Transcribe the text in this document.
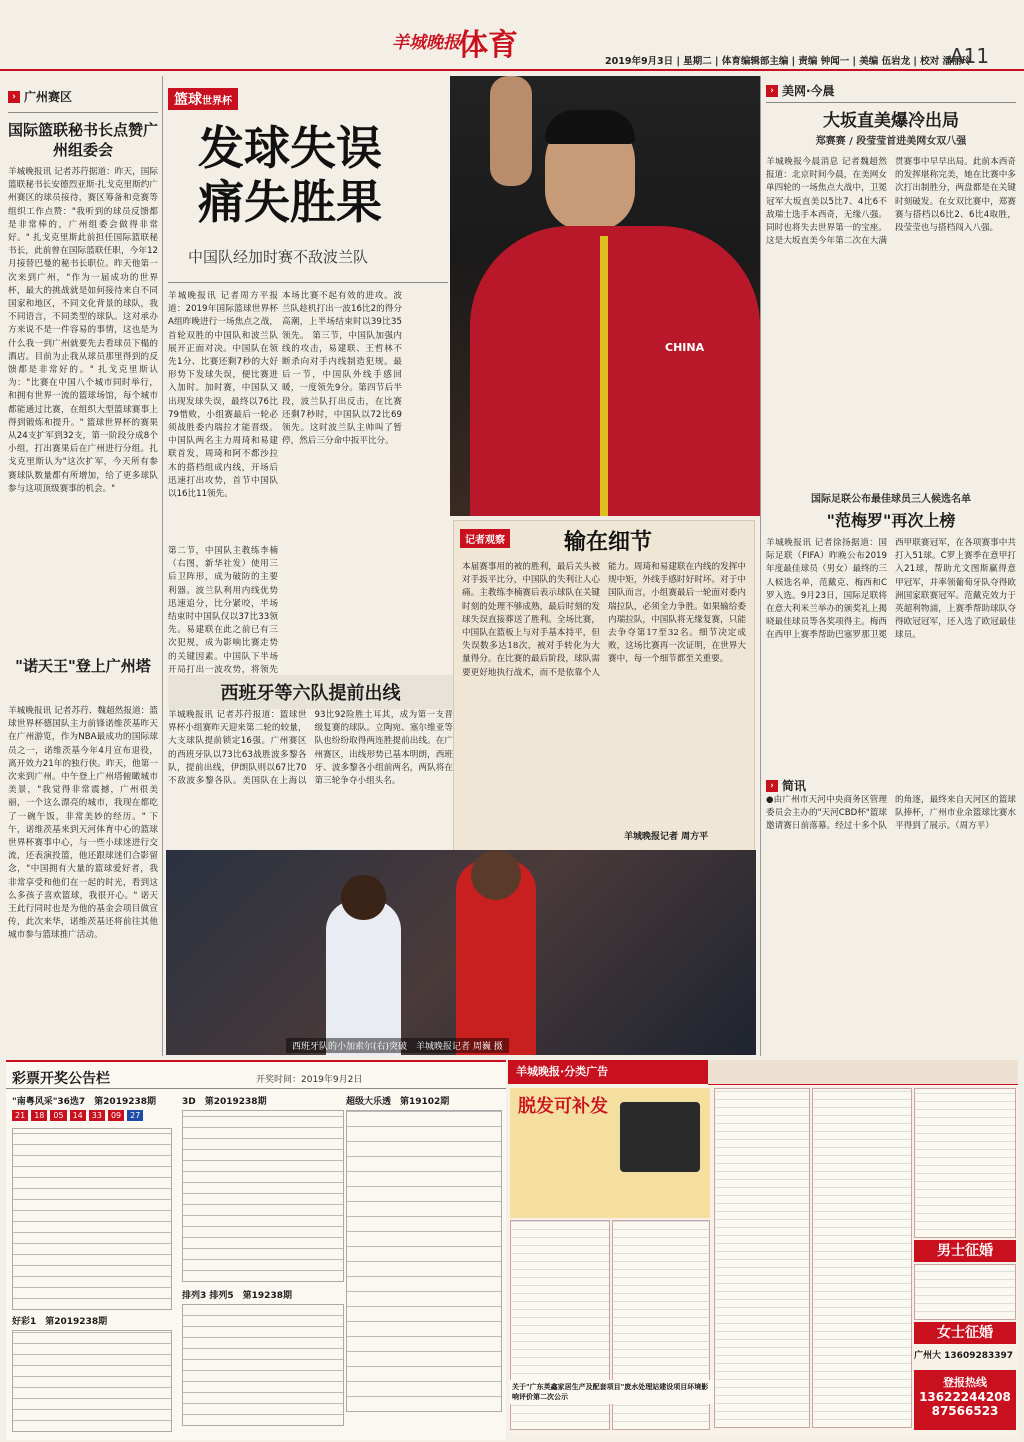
羊城晚报
体育	2019年9月3日 | 星期二 | 体育编辑部主编 | 责编 钟闻一 | 美编 伍岩龙 | 校对 潘丽玲
A11
› 广州赛区
国际篮联秘书长点赞广州组委会
羊城晚报讯 记者苏荇据道：昨天，国际篮联秘书长安德烈亚斯·扎戈克里斯约广州赛区的球员接待，赛区筹备和竞赛等组织工作点赞："我听到的球员反馈都是非常棒的，广州组委会做得非常好。" 扎戈克里斯此前担任国际篮联秘书长，此前曾在国际篮联任职，今年12月接替巴曼的秘书长职位。昨天他第一次来到广州，"作为一届成功的世界杯，最大的挑战就是如何接待来自不同国家和地区，不同文化背景的球队，我不同语言，不同类型的球队。这对承办方来说不是一件容易的事情，这也是为什么我一到广州就要先去看球员下榻的酒店。目前为止我从球员那里得到的反馈都是非常好的。" 扎戈克里斯认为："比赛在中国八个城市同时举行，和拥有世界一流的篮球场馆，每个城市都能通过比赛，在组织大型篮球赛事上得到锻炼和提升。" 篮球世界杯的赛果从24支扩军到32支，第一阶段分成8个小组，打出赛果后在广州进行分组。扎戈克里斯认为"这次扩军，今天所有参赛球队数量都有所增加，给了更多球队参与这项顶级赛事的机会。"
"诺天王"登上广州塔
羊城晚报讯 记者苏荇、魏超然报道：篮球世界杯德国队主力前锋诺维茨基昨天在广州游览，作为NBA最成功的国际球员之一，诺维茨基今年4月宣布退役，离开效力21年的独行侠。昨天，他第一次来到广州。中午登上广州塔俯瞰城市美景，"我觉得非常震撼，广州很美丽，一个这么漂亮的城市，我现在都吃了一碗午饭，非常美妙的经历。" 下午，诺维茨基来到天河体育中心的篮球世界杯赛事中心，与一些小球迷进行交流，还表演投篮，他还跟球迷们合影留念，"中国拥有大量的篮球爱好者，我非常享受和他们在一起的时光，看到这么多孩子喜欢篮球，我很开心。" 诺天王此行同时也是为他的基金会项目做宣传，此次来华，诺维茨基还将前往其他城市参与篮球推广活动。
CHINA
篮球世界杯
发球失误
痛失胜果
中国队经加时赛不敌波兰队
羊城晚报讯 记者周方平报道：2019年国际篮球世界杯A组昨晚进行一场焦点之战，首轮双胜的中国队和波兰队展开正面对决。中国队在领先1分、比赛还剩7秒的大好形势下发球失误，便比赛进入加时。加时赛，中国队又出现发球失误，最终以76比79惜败，小组赛最后一轮必须战胜委内瑞拉才能晋级。 中国队两名主力周琦和易建联首发，周琦和阿不都沙拉木的搭档组成内线，开场后迅速打出攻势，首节中国队以16比11领先。
第二节，中国队主教练李楠（右图，新华社发）使用三后卫阵形，成为破防的主要利器。波兰队利用内线优势迅速追分，比分紧咬，半场结束时中国队仅以37比33领先。易建联在此之前已有三次犯规，成为影响比赛走势的关键因素。中国队下半场开局打出一波攻势，将领先
本场比赛不起有效的进攻。波兰队趁机打出一波16比2的得分高潮，上半场结束时以39比35领先。 第三节，中国队加强内线的攻击，易建联、王哲林不断杀向对手内线制造犯规。最后一节，中国队外线手感回暖，一度领先9分。第四节后半段，波兰队打出反击，在比赛还剩7秒时，中国队以72比69领先。这时波兰队主帅叫了暂停，然后三分命中扳平比分。
西班牙等六队提前出线
羊城晚报讯 记者苏荇报道：篮球世界杯小组赛昨天迎来第二轮的较量，大支球队提前锁定16强。广州赛区的西班牙队以73比63战胜波多黎各队，提前出线，伊朗队则以67比70不敌波多黎各队。美国队在上海以93比92险胜土耳其，成为第一支晋级复赛的球队。立陶宛、塞尔维亚等队也纷纷取得两连胜提前出线。在广州赛区，出线形势已基本明朗，西班牙、波多黎各小组前两名，两队将在第三轮争夺小组头名。
记者观察	输在细节
本届赛事用的被的胜利，最后关头被对手扳平比分，中国队的失利让人心痛。主教练李楠赛后表示球队在关键时刻的处理不够成熟，最后时刻的发球失误直接葬送了胜利。全场比赛，中国队在篮板上与对手基本持平，但失误数多达18次，被对手转化为大量得分。在比赛的最后阶段，球队需要更好地执行战术，而不是依靠个人能力。周琦和易建联在内线的发挥中规中矩，外线手感时好时坏。对于中国队而言，小组赛最后一轮面对委内瑞拉队，必须全力争胜。如果输给委内瑞拉队，中国队将无缘复赛，只能去争夺第17至32名。细节决定成败，这场比赛再一次证明，在世界大赛中，每一个细节都至关重要。
羊城晚报记者 周方平
西班牙队的小加索尔(右)突破　羊城晚报记者 周巍 摄
› 美网·今晨
大坂直美爆冷出局
郑赛赛 / 段莹莹首进美网女双八强
羊城晚报今晨消息 记者魏超然报道：北京时间今晨，在美网女单四轮的一场焦点大战中，卫冕冠军大坂直美以5比7、4比6不敌瑞士选手本西奇，无缘八强。同时也将失去世界第一的宝座。这是大坂直美今年第二次在大满贯赛事中早早出局。此前本西奇的发挥堪称完美，她在比赛中多次打出制胜分，两盘都是在关键时刻破发。在女双比赛中，郑赛赛与搭档以6比2、6比4取胜，段莹莹也与搭档闯入八强。
国际足联公布最佳球员三人候选名单
"范梅罗"再次上榜
羊城晚报讯 记者徐扬据道：国际足联（FIFA）昨晚公布2019年度最佳球员（男女）最终的三人候选名单，范戴克、梅西和C罗入选。9月23日，国际足联将在意大利米兰举办的颁奖礼上揭晓最佳球员等各奖项得主。梅西在西甲上赛季帮助巴塞罗那卫冕西甲联赛冠军，在各项赛事中共打入51球。C罗上赛季在意甲打入21球，帮助尤文图斯赢得意甲冠军，并率领葡萄牙队夺得欧洲国家联赛冠军。范戴克效力于英超利物浦，上赛季帮助球队夺得欧冠冠军，还入选了欧冠最佳球员。
› 简讯
●由广州市天河中央商务区管理委员会主办的"天河CBD杯"篮球邀请赛日前落幕。经过十多个队的角逐，最终来自天河区的篮球队捧杯，广州市业余篮球比赛水平得到了展示。（周方平）
彩票开奖公告栏	开奖时间：2019年9月2日
"南粤风采"36选7　第2019238期
21	18	05	14	33	09	27
3D　第2019238期	超级大乐透　第19102期
排列3 排列5　第19238期
好彩1　第2019238期
羊城晚报·分类广告
脱发可补发
关于"广东英鑫家居生产及配套项目"废水处理站建设项目环境影响评价第二次公示
男士征婚
女士征婚
广州大 13609283397
登报热线
13622244208
87566523
